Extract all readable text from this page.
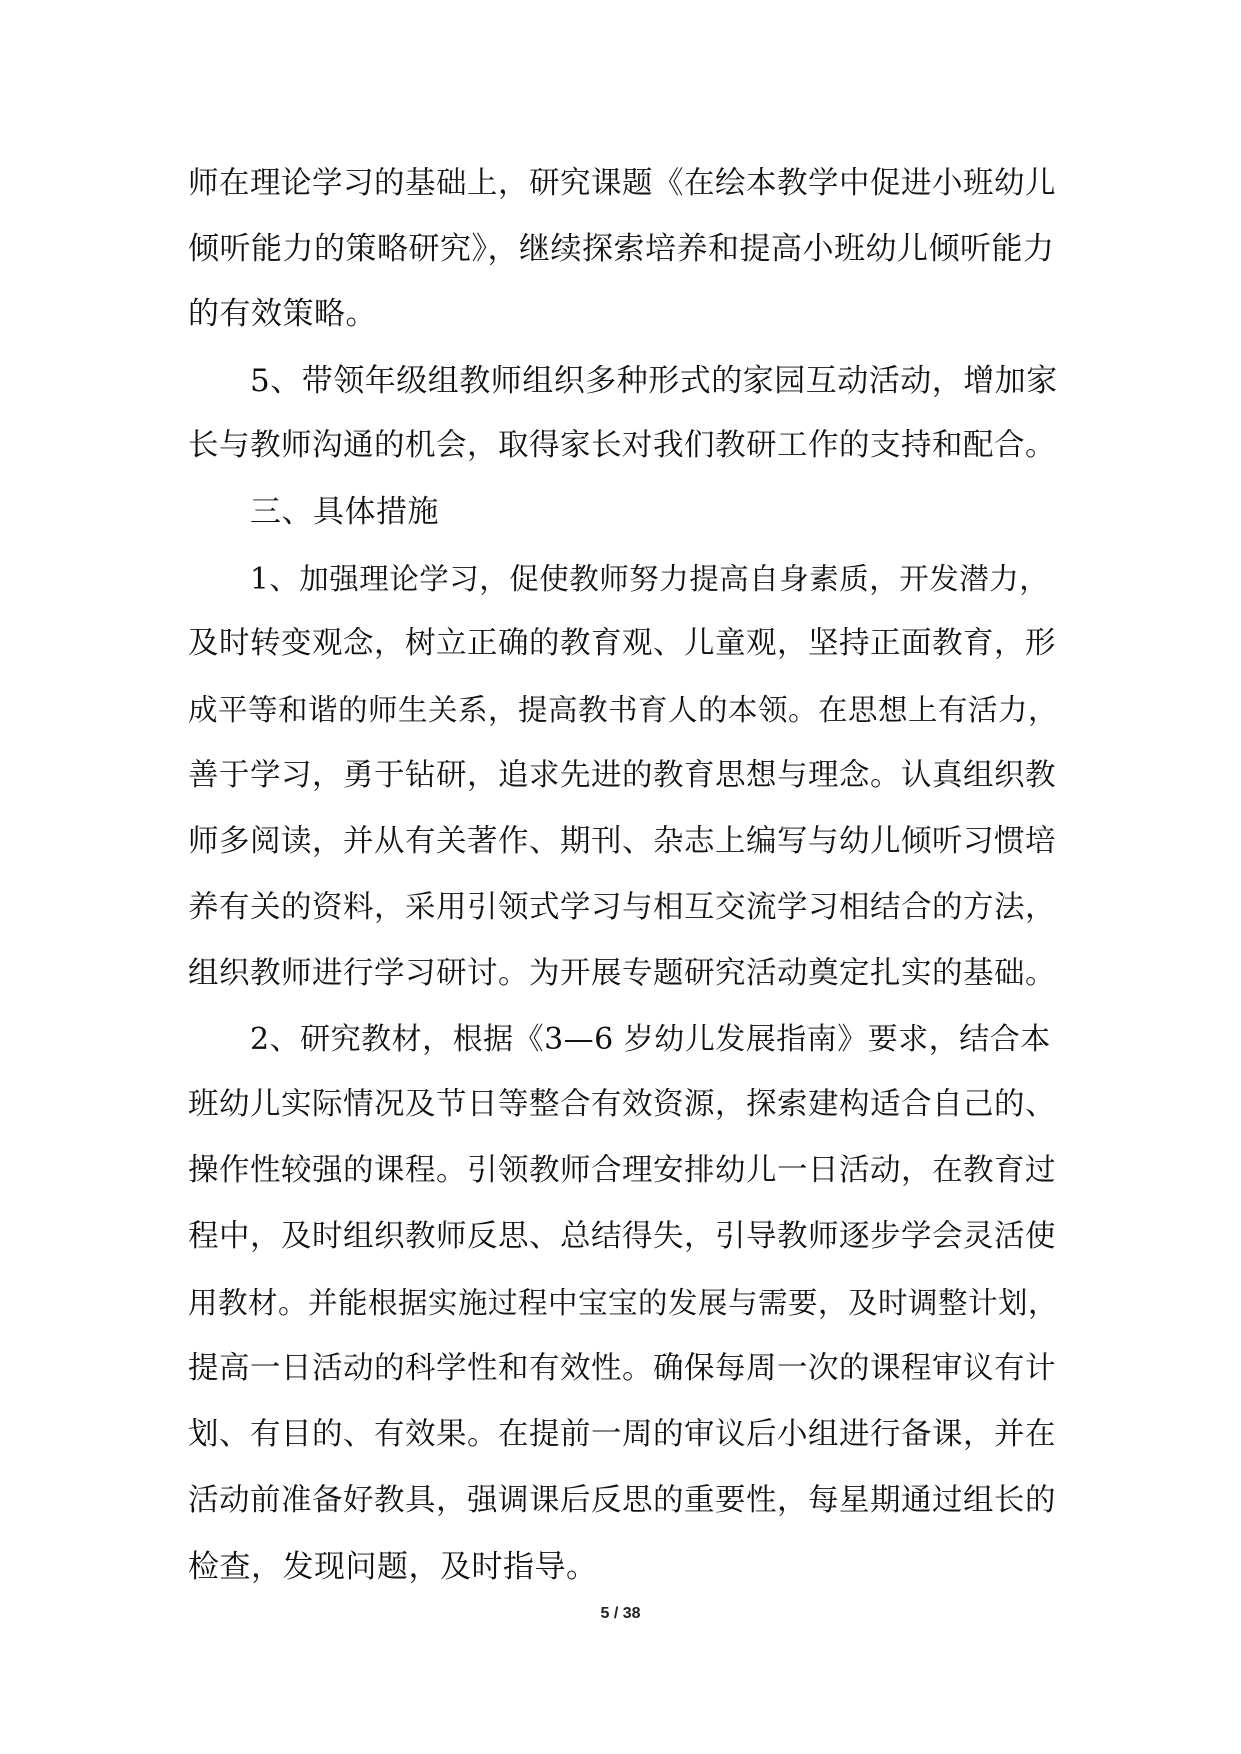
师在理论学习的基础上，研究课题《在绘本教学中促进小班幼儿
倾听能力的策略研究》，继续探索培养和提高小班幼儿倾听能力
的有效策略。
5、带领年级组教师组织多种形式的家园互动活动，增加家
长与教师沟通的机会，取得家长对我们教研工作的支持和配合。
三、具体措施
1、加强理论学习，促使教师努力提高自身素质，开发潜力，
及时转变观念，树立正确的教育观、儿童观，坚持正面教育，形
成平等和谐的师生关系，提高教书育人的本领。在思想上有活力，
善于学习，勇于钻研，追求先进的教育思想与理念。认真组织教
师多阅读，并从有关著作、期刊、杂志上编写与幼儿倾听习惯培
养有关的资料，采用引领式学习与相互交流学习相结合的方法，
组织教师进行学习研讨。为开展专题研究活动奠定扎实的基础。
2、研究教材，根据《3—6 岁幼儿发展指南》要求，结合本
班幼儿实际情况及节日等整合有效资源，探索建构适合自己的、
操作性较强的课程。引领教师合理安排幼儿一日活动，在教育过
程中，及时组织教师反思、总结得失，引导教师逐步学会灵活使
用教材。并能根据实施过程中宝宝的发展与需要，及时调整计划，
提高一日活动的科学性和有效性。确保每周一次的课程审议有计
划、有目的、有效果。在提前一周的审议后小组进行备课，并在
活动前准备好教具，强调课后反思的重要性，每星期通过组长的
检查，发现问题，及时指导。
5 / 38
